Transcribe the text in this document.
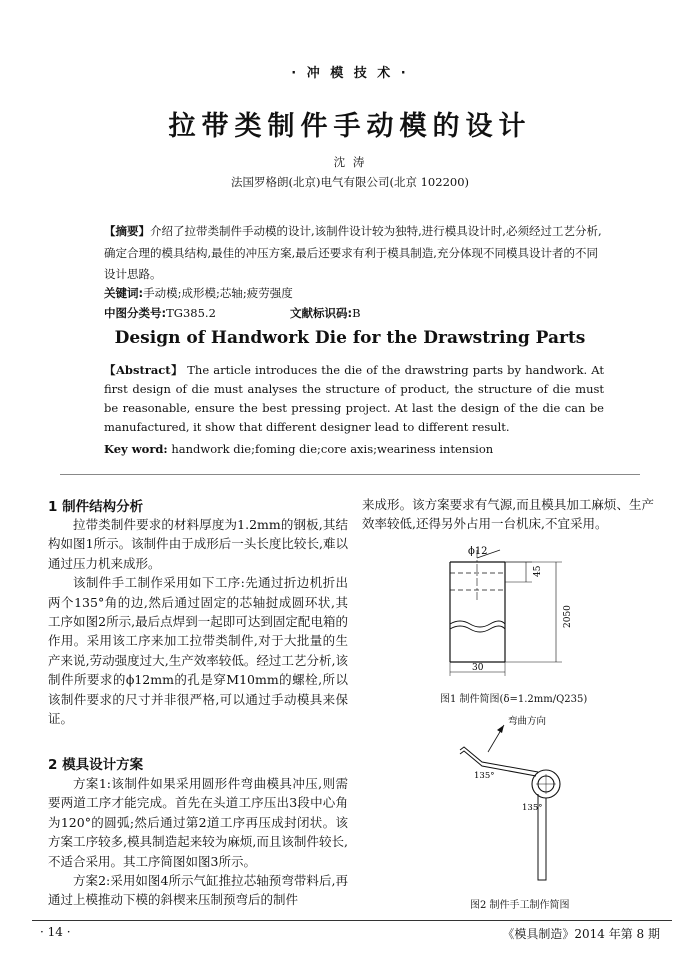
· 冲 模 技 术 ·
拉带类制件手动模的设计
沈 涛
法国罗格朗(北京)电气有限公司(北京 102200)
【摘要】介绍了拉带类制件手动模的设计,该制件设计较为独特,进行模具设计时,必须经过工艺分析,确定合理的模具结构,最佳的冲压方案,最后还要求有利于模具制造,充分体现不同模具设计者的不同设计思路。
关键词:手动模;成形模;芯轴;疲劳强度
中图分类号:TG385.2	文献标识码:B
Design of Handwork Die for the Drawstring Parts
【Abstract】 The article introduces the die of the drawstring parts by handwork. At first design of die must analyses the structure of product, the structure of die must be reasonable, ensure the best pressing project. At last the design of the die can be manufactured, it show that different designer lead to different result.
Key word: handwork die;foming die;core axis;weariness intension
1 制件结构分析

拉带类制件要求的材料厚度为1.2mm的钢板,其结构如图1所示。该制件由于成形后一头长度比较长,难以通过压力机来成形。

该制件手工制作采用如下工序:先通过折边机折出两个135°角的边,然后通过固定的芯轴挝成圆环状,其工序如图2所示,最后点焊到一起即可达到固定配电箱的作用。采用该工序来加工拉带类制件,对于大批量的生产来说,劳动强度过大,生产效率较低。经过工艺分析,该制件所要求的ϕ12mm的孔是穿M10mm的螺栓,所以该制件要求的尺寸并非很严格,可以通过手动模具来保证。

2 模具设计方案

方案1:该制件如果采用圆形件弯曲模具冲压,则需要两道工序才能完成。首先在头道工序压出3段中心角为120°的圆弧;然后通过第2道工序再压成封闭状。该方案工序较多,模具制造起来较为麻烦,而且该制件较长,不适合采用。其工序简图如图3所示。

方案2:采用如图4所示气缸推拉芯轴预弯带料后,再通过上模推动下模的斜楔来压制预弯后的制件

来成形。该方案要求有气源,而且模具加工麻烦、生产效率较低,还得另外占用一台机床,不宜采用。

ϕ12
45
2050
30
图1 制件简图(δ=1.2mm/Q235)
弯曲方向
135°
135°
图2 制件手工制作简图
· 14 ·	《模具制造》2014 年第 8 期
